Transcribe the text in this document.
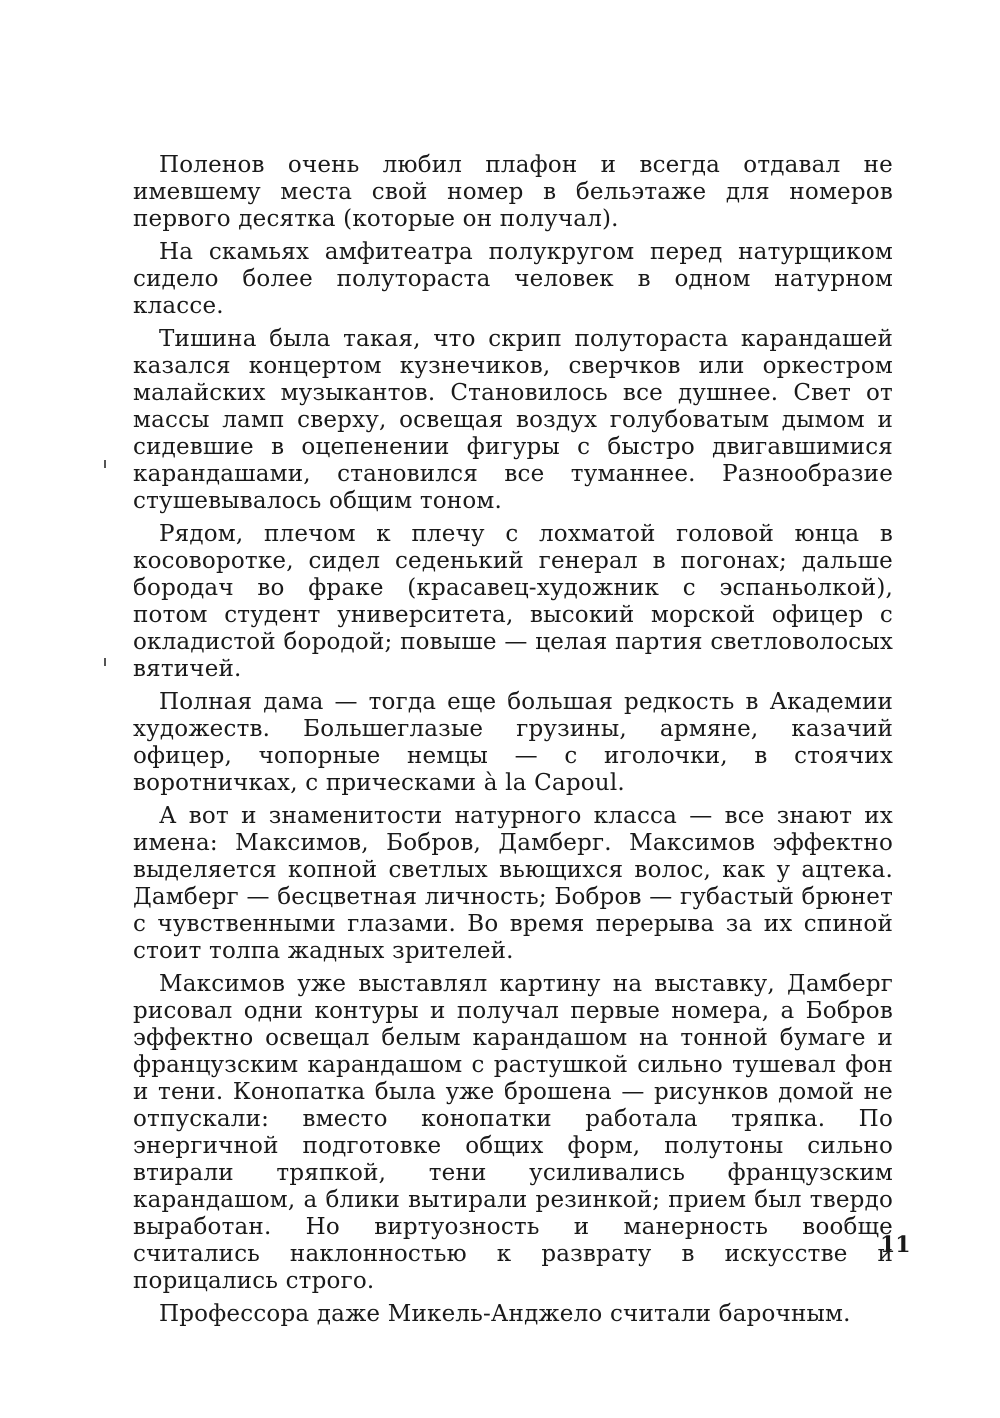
Поленов очень любил плафон и всегда отдавал не имевшему места свой номер в бельэтаже для номеров первого десятка (которые он получал).

На скамьях амфитеатра полукругом перед натурщиком сидело более полутораста человек в одном натурном классе.

Тишина была такая, что скрип полутораста карандашей казался концертом кузнечиков, сверчков или оркестром малайских музыкантов. Становилось все душнее. Свет от массы ламп сверху, освещая воздух голубоватым дымом и сидевшие в оцепенении фигуры с быстро двигавшимися карандашами, становился все туманнее. Разнообразие стушевывалось общим тоном.

Рядом, плечом к плечу с лохматой головой юнца в косоворотке, сидел седенький генерал в погонах; дальше бородач во фраке (красавец-художник с эспаньолкой), потом студент университета, высокий морской офицер с окладистой бородой; повыше — целая партия светловолосых вятичей.

Полная дама — тогда еще большая редкость в Академии художеств. Большеглазые грузины, армяне, казачий офицер, чопорные немцы — с иголочки, в стоячих воротничках, с прическами à la Capoul.

А вот и знаменитости натурного класса — все знают их имена: Максимов, Бобров, Дамберг. Максимов эффектно выделяется копной светлых вьющихся волос, как у ацтека. Дамберг — бесцветная личность; Бобров — губастый брюнет с чувственными глазами. Во время перерыва за их спиной стоит толпа жадных зрителей.

Максимов уже выставлял картину на выставку, Дамберг рисовал одни контуры и получал первые номера, а Бобров эффектно освещал белым карандашом на тонной бумаге и французским карандашом с растушкой сильно тушевал фон и тени. Конопатка была уже брошена — рисунков домой не отпускали: вместо конопатки работала тряпка. По энергичной подготовке общих форм, полутоны сильно втирали тряпкой, тени усиливались французским карандашом, а блики вытирали резинкой; прием был твердо выработан. Но виртуозность и манерность вообще считались наклонностью к разврату в искусстве и порицались строго.

Профессора даже Микель-Анджело считали барочным.

11
